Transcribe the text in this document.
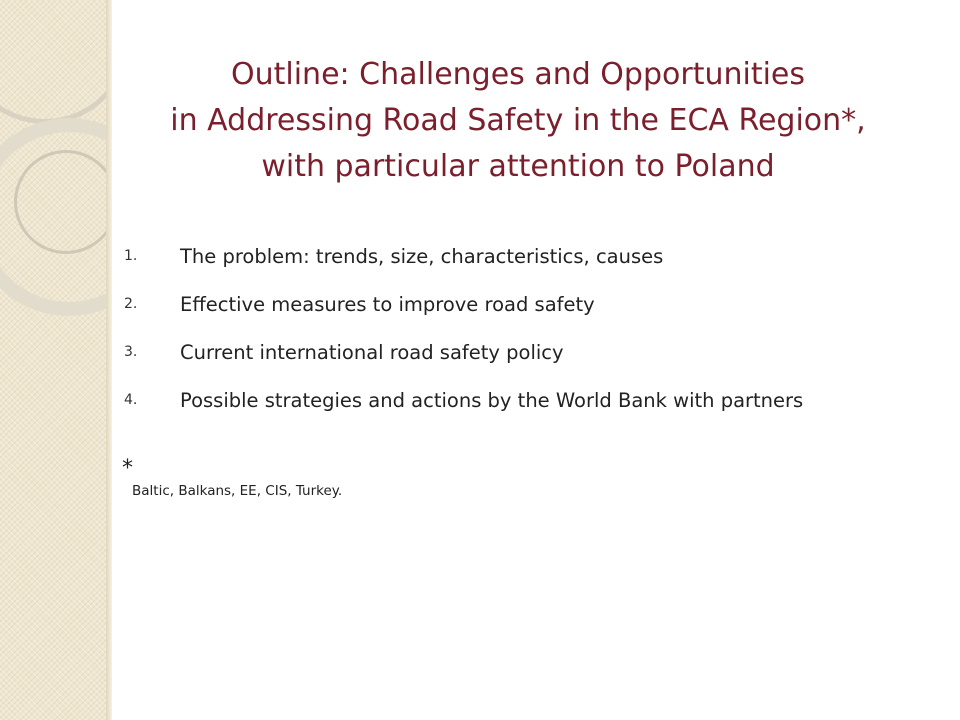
Outline: Challenges and Opportunities
in Addressing Road Safety in the ECA Region*,
with particular attention to Poland
1.	The problem: trends, size, characteristics, causes
2.	Effective measures to improve road safety
3.	Current international road safety policy
4.	Possible strategies and actions by the World Bank with partners
*
Baltic, Balkans, EE, CIS, Turkey.
